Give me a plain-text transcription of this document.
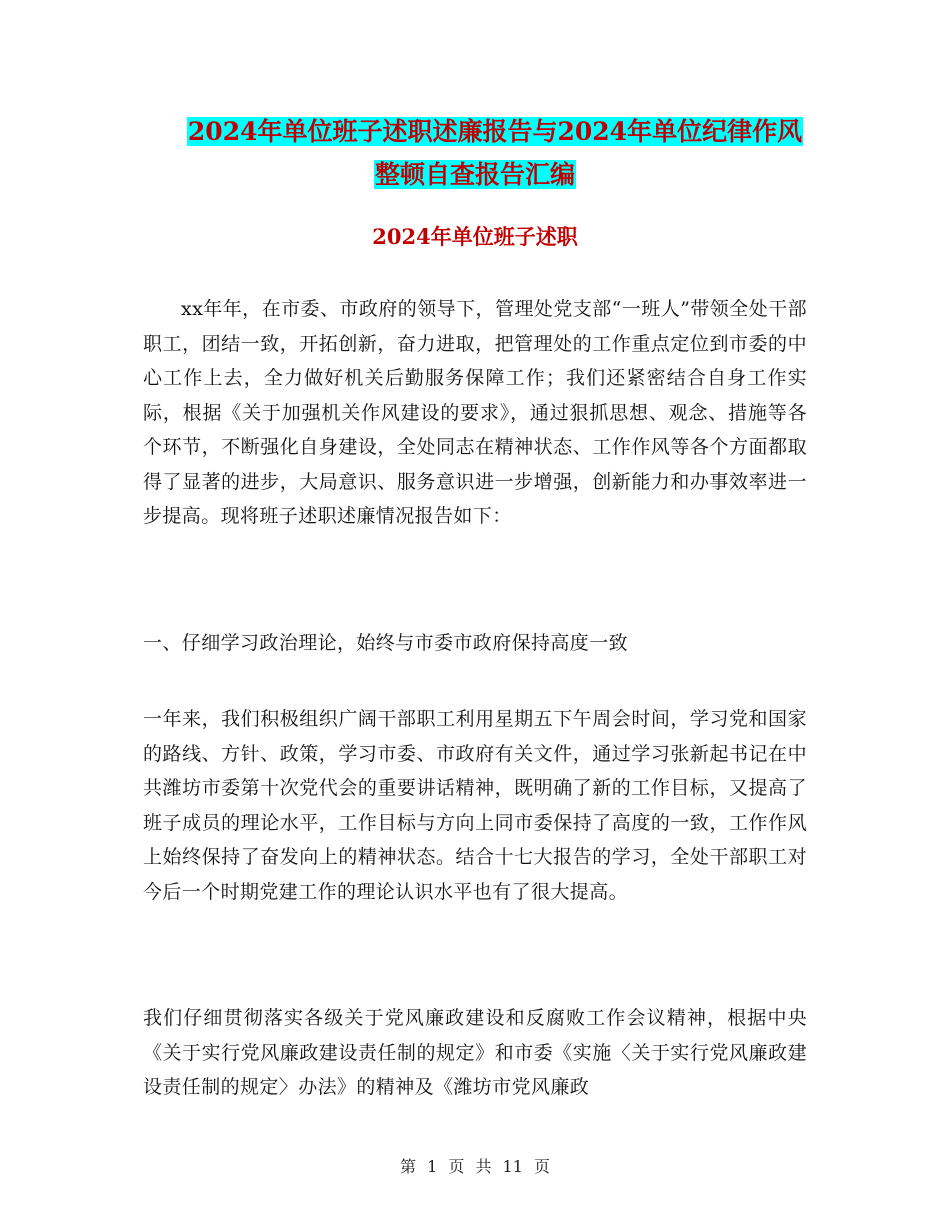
2024年单位班子述职述廉报告与2024年单位纪律作风
整顿自查报告汇编
2024年单位班子述职

xx年年，在市委、市政府的领导下，管理处党支部“一班人”带领全处干部职工，团结一致，开拓创新，奋力进取，把管理处的工作重点定位到市委的中心工作上去，全力做好机关后勤服务保障工作；我们还紧密结合自身工作实际，根据《关于加强机关作风建设的要求》，通过狠抓思想、观念、措施等各个环节，不断强化自身建设，全处同志在精神状态、工作作风等各个方面都取得了显著的进步，大局意识、服务意识进一步增强，创新能力和办事效率进一步提高。现将班子述职述廉情况报告如下：

一、仔细学习政治理论，始终与市委市政府保持高度一致

一年来，我们积极组织广阔干部职工利用星期五下午周会时间，学习党和国家的路线、方针、政策，学习市委、市政府有关文件，通过学习张新起书记在中共潍坊市委第十次党代会的重要讲话精神，既明确了新的工作目标，又提高了班子成员的理论水平，工作目标与方向上同市委保持了高度的一致，工作作风上始终保持了奋发向上的精神状态。结合十七大报告的学习，全处干部职工对今后一个时期党建工作的理论认识水平也有了很大提高。

我们仔细贯彻落实各级关于党风廉政建设和反腐败工作会议精神，根据中央《关于实行党风廉政建设责任制的规定》和市委《实施〈关于实行党风廉政建设责任制的规定〉办法》的精神及《潍坊市党风廉政

第 1 页 共 11 页
